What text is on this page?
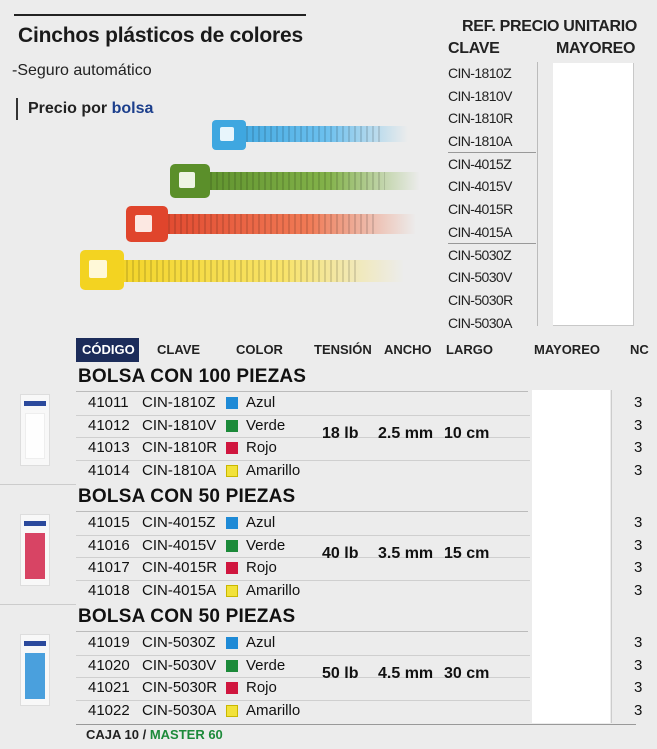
Cinchos plásticos de colores
-Seguro automático
Precio por bolsa
REF. PRECIO UNITARIO
CLAVE	MAYOREO
CIN-1810Z
CIN-1810V
CIN-1810R
CIN-1810A
CIN-4015Z
CIN-4015V
CIN-4015R
CIN-4015A
CIN-5030Z
CIN-5030V
CIN-5030R
CIN-5030A
CÓDIGO	CLAVE	COLOR TENSIÓN ANCHO LARGO	MAYOREO NC
BOLSA CON 100 PIEZAS
41011 CIN-1810Z Azul	3
41012 CIN-1810V Verde	3
41013 CIN-1810R Rojo	3
41014 CIN-1810A Amarillo	3
18 lb 2.5 mm 10 cm
BOLSA CON 50 PIEZAS
41015 CIN-4015Z Azul	3
41016 CIN-4015V Verde	3
41017 CIN-4015R Rojo	3
41018 CIN-4015A Amarillo	3
40 lb 3.5 mm 15 cm
BOLSA CON 50 PIEZAS
41019 CIN-5030Z Azul	3
41020 CIN-5030V Verde	3
41021 CIN-5030R Rojo	3
41022 CIN-5030A Amarillo	3
50 lb 4.5 mm 30 cm
CAJA 10 / MASTER 60
